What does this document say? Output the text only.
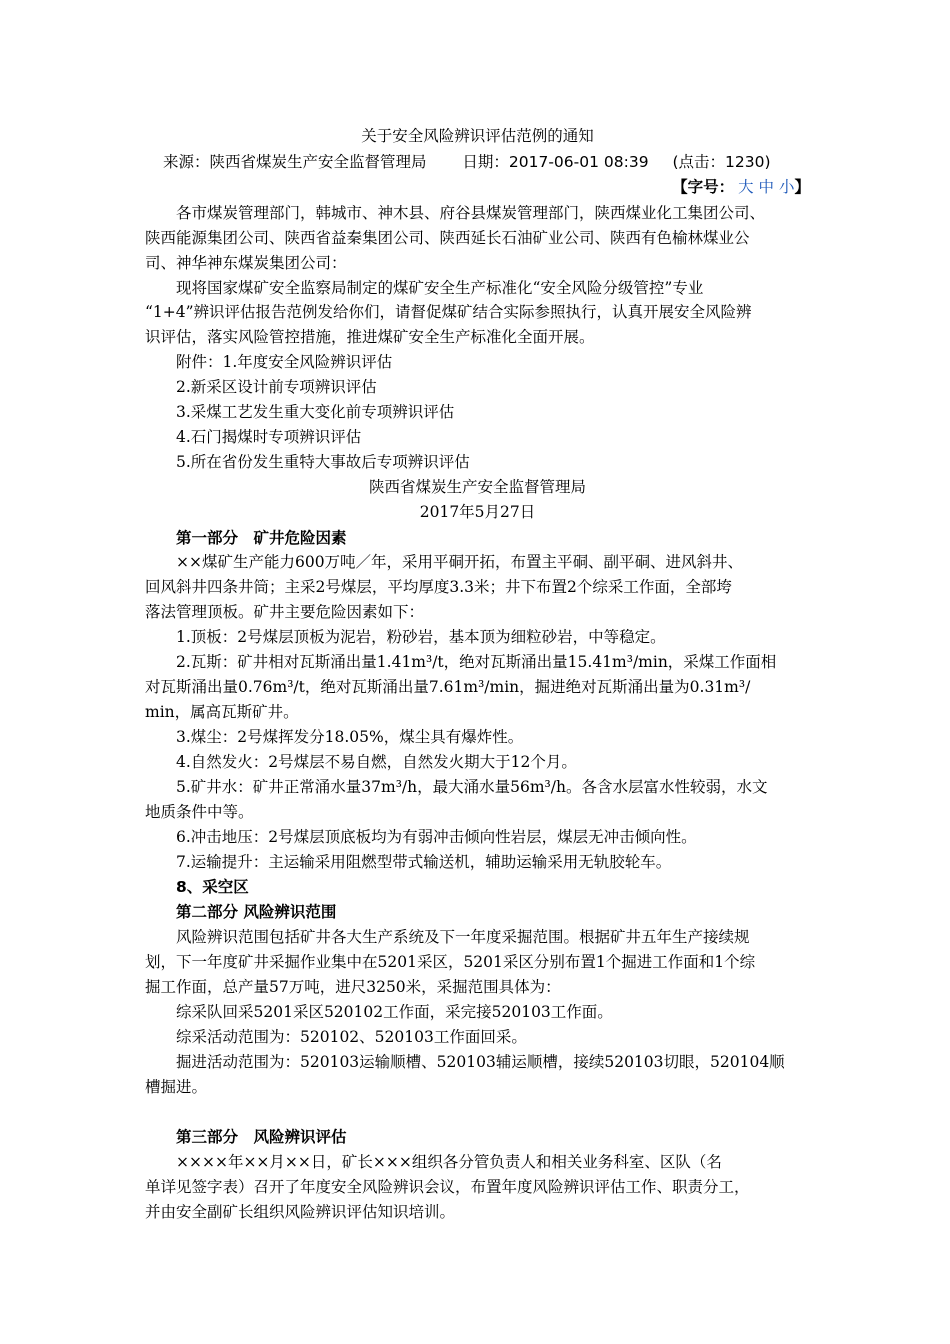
关于安全风险辨识评估范例的通知
来源：陕西省煤炭生产安全监督管理局 日期：2017-06-01 08:39 (点击：1230)
【字号： 大 中 小】
各市煤炭管理部门，韩城市、神木县、府谷县煤炭管理部门，陕西煤业化工集团公司、
陕西能源集团公司、陕西省益秦集团公司、陕西延长石油矿业公司、陕西有色榆林煤业公
司、神华神东煤炭集团公司：
现将国家煤矿安全监察局制定的煤矿安全生产标准化“安全风险分级管控”专业
“1+4”辨识评估报告范例发给你们，请督促煤矿结合实际参照执行，认真开展安全风险辨
识评估，落实风险管控措施，推进煤矿安全生产标准化全面开展。
附件：1.年度安全风险辨识评估
2.新采区设计前专项辨识评估
3.采煤工艺发生重大变化前专项辨识评估
4.石门揭煤时专项辨识评估
5.所在省份发生重特大事故后专项辨识评估
陕西省煤炭生产安全监督管理局
2017年5月27日
第一部分　矿井危险因素
××煤矿生产能力600万吨／年，采用平硐开拓，布置主平硐、副平硐、进风斜井、
回风斜井四条井筒；主采2号煤层，平均厚度3.3米；井下布置2个综采工作面，全部垮
落法管理顶板。矿井主要危险因素如下：
1.顶板：2号煤层顶板为泥岩，粉砂岩，基本顶为细粒砂岩，中等稳定。
2.瓦斯：矿井相对瓦斯涌出量1.41m³/t，绝对瓦斯涌出量15.41m³/min，采煤工作面相
对瓦斯涌出量0.76m³/t，绝对瓦斯涌出量7.61m³/min，掘进绝对瓦斯涌出量为0.31m³/
min，属高瓦斯矿井。
3.煤尘：2号煤挥发分18.05%，煤尘具有爆炸性。
4.自然发火：2号煤层不易自燃，自然发火期大于12个月。
5.矿井水：矿井正常涌水量37m³/h，最大涌水量56m³/h。各含水层富水性较弱，水文
地质条件中等。
6.冲击地压：2号煤层顶底板均为有弱冲击倾向性岩层，煤层无冲击倾向性。
7.运输提升：主运输采用阻燃型带式输送机，辅助运输采用无轨胶轮车。
8、采空区
第二部分 风险辨识范围
风险辨识范围包括矿井各大生产系统及下一年度采掘范围。根据矿井五年生产接续规
划，下一年度矿井采掘作业集中在5201采区，5201采区分别布置1个掘进工作面和1个综
掘工作面，总产量57万吨，进尺3250米，采掘范围具体为：
综采队回采5201采区520102工作面，采完接520103工作面。
综采活动范围为：520102、520103工作面回采。
掘进活动范围为：520103运输顺槽、520103辅运顺槽，接续520103切眼，520104顺
槽掘进。
第三部分　风险辨识评估
××××年××月××日，矿长×××组织各分管负责人和相关业务科室、区队（名
单详见签字表）召开了年度安全风险辨识会议，布置年度风险辨识评估工作、职责分工，
并由安全副矿长组织风险辨识评估知识培训。
